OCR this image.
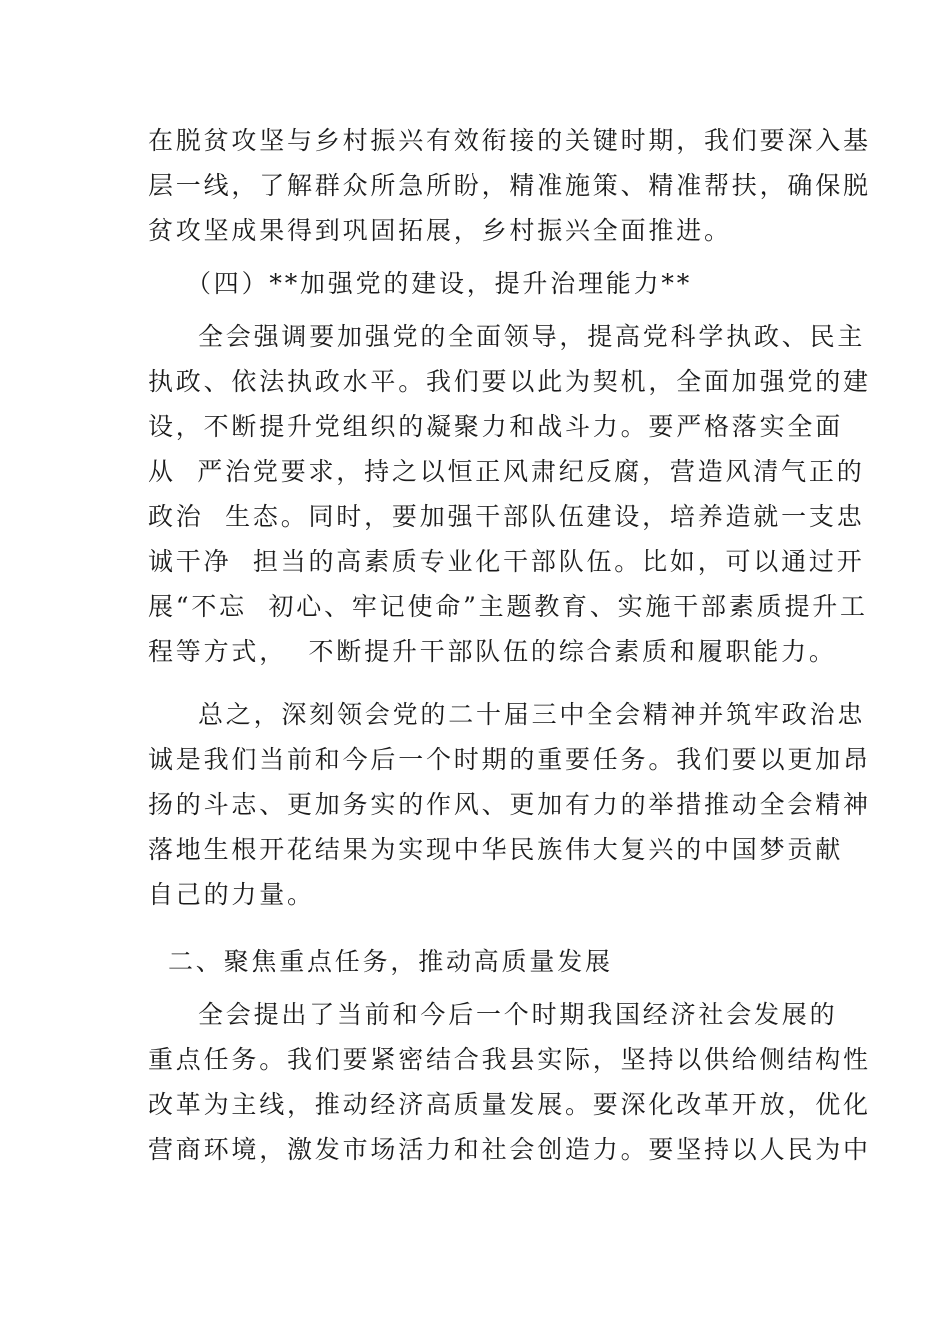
在脱贫攻坚与乡村振兴有效衔接的关键时期，我们要深入基
层一线，了解群众所急所盼，精准施策、精准帮扶，确保脱
贫攻坚成果得到巩固拓展，乡村振兴全面推进。
（四）**加强党的建设，提升治理能力**
全会强调要加强党的全面领导，提高党科学执政、民主
执政、依法执政水平。我们要以此为契机，全面加强党的建
设，不断提升党组织的凝聚力和战斗力。要严格落实全面
从  严治党要求，持之以恒正风肃纪反腐，营造风清气正的
政治  生态。同时，要加强干部队伍建设，培养造就一支忠
诚干净  担当的高素质专业化干部队伍。比如，可以通过开
展“不忘  初心、牢记使命”主题教育、实施干部素质提升工
程等方式，  不断提升干部队伍的综合素质和履职能力。
总之，深刻领会党的二十届三中全会精神并筑牢政治忠
诚是我们当前和今后一个时期的重要任务。我们要以更加昂
扬的斗志、更加务实的作风、更加有力的举措推动全会精神
落地生根开花结果为实现中华民族伟大复兴的中国梦贡献
自己的力量。
二、聚焦重点任务，推动高质量发展
全会提出了当前和今后一个时期我国经济社会发展的
重点任务。我们要紧密结合我县实际，坚持以供给侧结构性
改革为主线，推动经济高质量发展。要深化改革开放，优化
营商环境，激发市场活力和社会创造力。要坚持以人民为中
